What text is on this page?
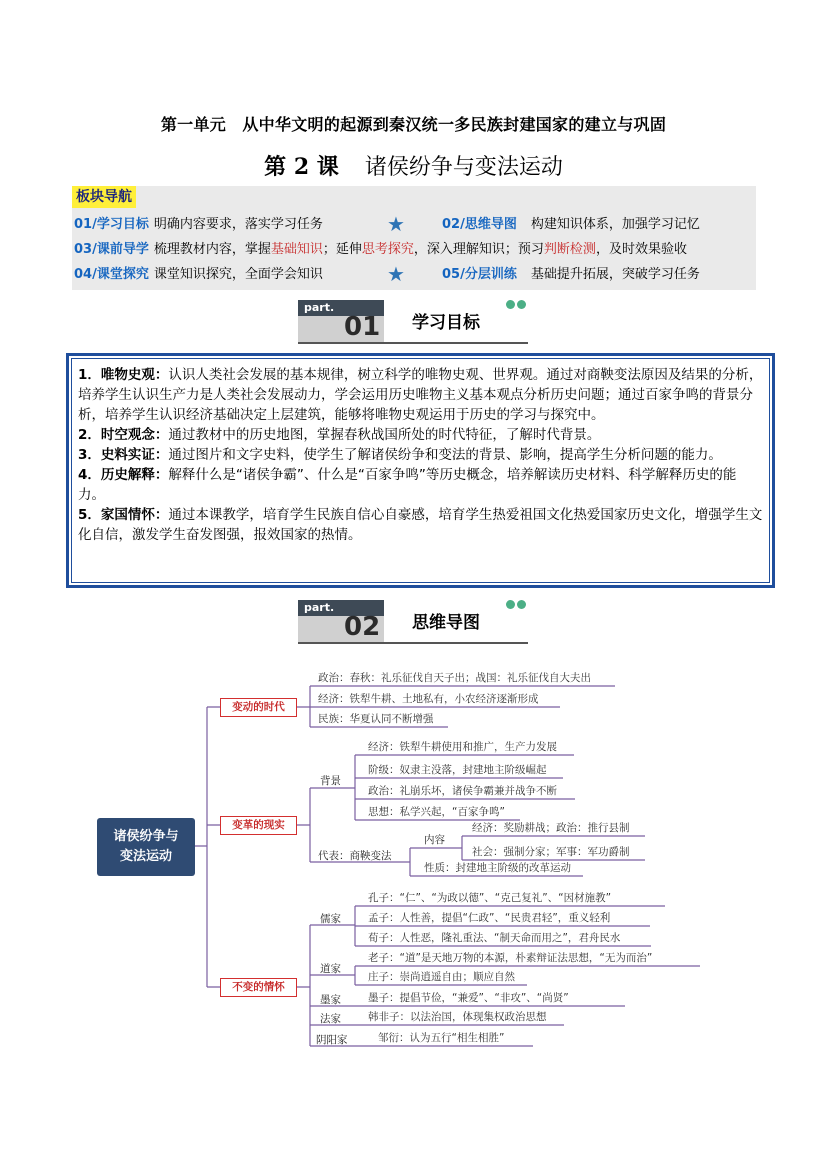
第一单元　从中华文明的起源到秦汉统一多民族封建国家的建立与巩固
第 2 课 诸侯纷争与变法运动
板块导航
01/学习目标 明确内容要求，落实学习任务	★	02/思维导图 构建知识体系，加强学习记忆
03/课前导学 梳理教材内容，掌握基础知识；延伸思考探究，深入理解知识；预习判断检测，及时效果验收
04/课堂探究 课堂知识探究，全面学会知识	★	05/分层训练 基础提升拓展，突破学习任务
part.
01 学习目标

1．唯物史观：认识人类社会发展的基本规律，树立科学的唯物史观、世界观。通过对商鞅变法原因及结果的分析，培养学生认识生产力是人类社会发展动力，学会运用历史唯物主义基本观点分析历史问题；通过百家争鸣的背景分析，培养学生认识经济基础决定上层建筑，能够将唯物史观运用于历史的学习与探究中。

2．时空观念：通过教材中的历史地图，掌握春秋战国所处的时代特征，了解时代背景。

3．史料实证：通过图片和文字史料，使学生了解诸侯纷争和变法的背景、影响，提高学生分析问题的能力。

4．历史解释：解释什么是“诸侯争霸”、什么是“百家争鸣”等历史概念，培养解读历史材料、科学解释历史的能力。

5．家国情怀：通过本课教学，培育学生民族自信心自豪感，培育学生热爱祖国文化热爱国家历史文化，增强学生文化自信，激发学生奋发图强，报效国家的热情。

part.
02 思维导图
诸侯纷争与
变法运动
变动的时代
变革的现实
不变的情怀
政治：春秋：礼乐征伐自天子出；战国：礼乐征伐自大夫出
经济：铁犁牛耕、土地私有，小农经济逐渐形成
民族：华夏认同不断增强
背景
经济：铁犁牛耕使用和推广，生产力发展
阶级：奴隶主没落，封建地主阶级崛起
政治：礼崩乐坏，诸侯争霸兼并战争不断
思想：私学兴起，“百家争鸣”
代表：商鞅变法
内容
经济：奖励耕战；政治：推行县制
社会：强制分家；军事：军功爵制
性质：封建地主阶级的改革运动
儒家
孔子：“仁”、“为政以德”、“克己复礼”、“因材施教”
孟子：人性善，提倡“仁政”、“民贵君轻”，重义轻利
荀子：人性恶，隆礼重法、“制天命而用之”，君舟民水
道家
老子：“道”是天地万物的本源，朴素辩证法思想，“无为而治”
庄子：崇尚逍遥自由；顺应自然
墨家	墨子：提倡节俭，“兼爱”、“非攻”、“尚贤”
法家	韩非子：以法治国，体现集权政治思想
阴阳家	邹衍：认为五行“相生相胜”
